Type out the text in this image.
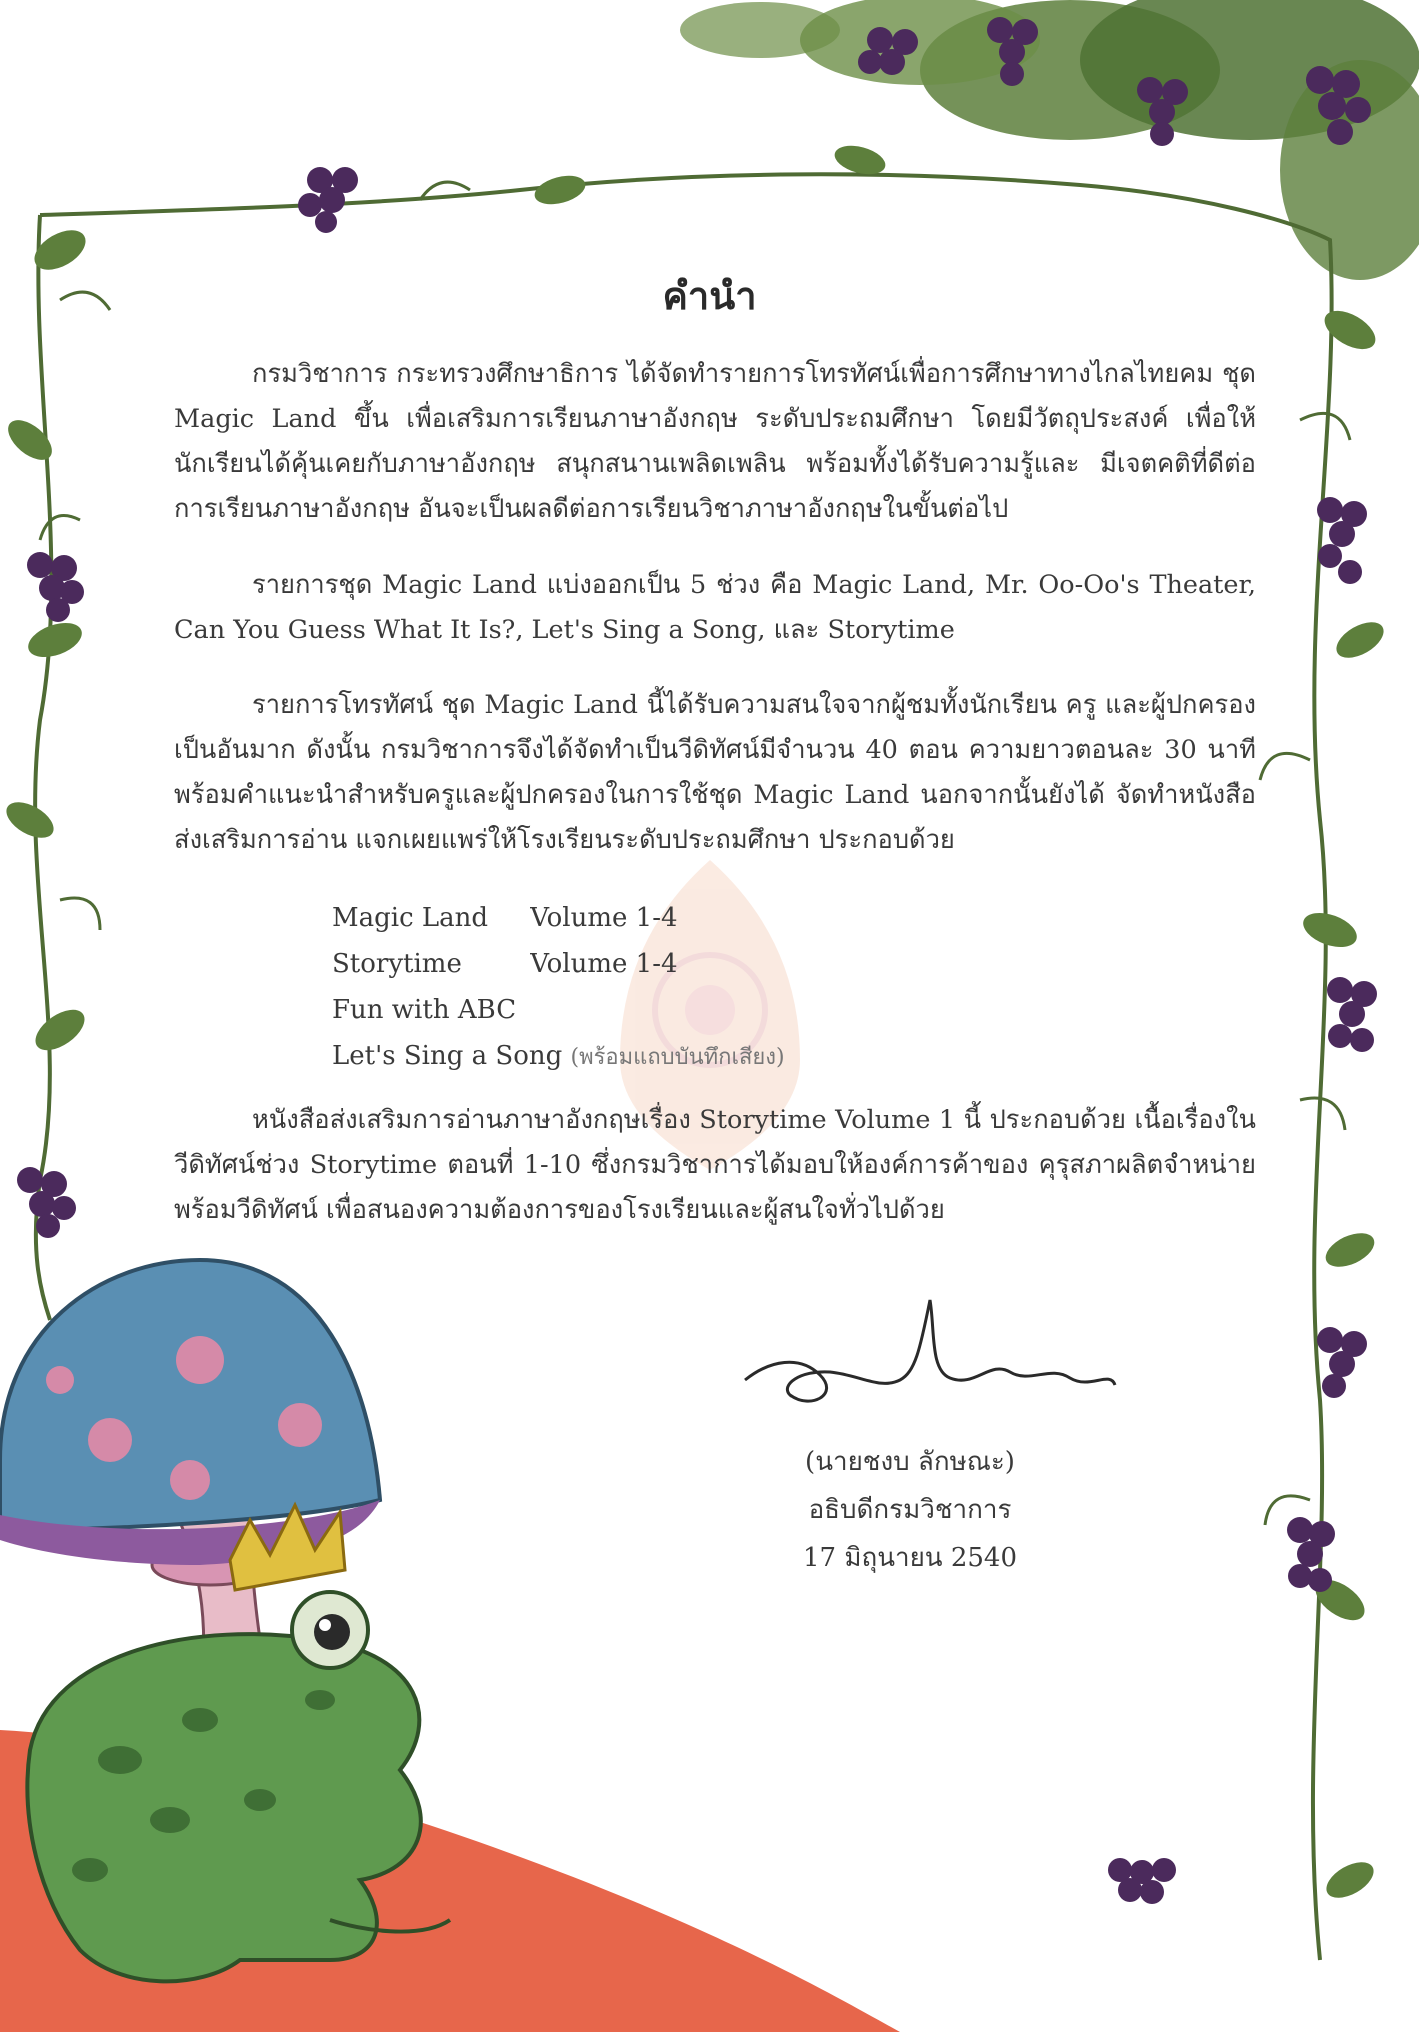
คำนำ

กรมวิชาการ กระทรวงศึกษาธิการ ได้จัดทำรายการโทรทัศน์เพื่อการศึกษาทางไกลไทยคม ชุด Magic Land ขึ้น เพื่อเสริมการเรียนภาษาอังกฤษ ระดับประถมศึกษา โดยมีวัตถุประสงค์ เพื่อให้นักเรียนได้คุ้นเคยกับภาษาอังกฤษ สนุกสนานเพลิดเพลิน พร้อมทั้งได้รับความรู้และ มีเจตคติที่ดีต่อการเรียนภาษาอังกฤษ อันจะเป็นผลดีต่อการเรียนวิชาภาษาอังกฤษในขั้นต่อไป

รายการชุด Magic Land แบ่งออกเป็น 5 ช่วง คือ Magic Land, Mr. Oo-Oo's Theater, Can You Guess What It Is?, Let's Sing a Song, และ Storytime

รายการโทรทัศน์ ชุด Magic Land นี้ได้รับความสนใจจากผู้ชมทั้งนักเรียน ครู และผู้ปกครอง เป็นอันมาก ดังนั้น กรมวิชาการจึงได้จัดทำเป็นวีดิทัศน์มีจำนวน 40 ตอน ความยาวตอนละ 30 นาที พร้อมคำแนะนำสำหรับครูและผู้ปกครองในการใช้ชุด Magic Land นอกจากนั้นยังได้ จัดทำหนังสือส่งเสริมการอ่าน แจกเผยแพร่ให้โรงเรียนระดับประถมศึกษา ประกอบด้วย

Magic Land Volume 1-4
Storytime	Volume 1-4
Fun with ABC
Let's Sing a Song (พร้อมแถบบันทึกเสียง)

หนังสือส่งเสริมการอ่านภาษาอังกฤษเรื่อง Storytime Volume 1 นี้ ประกอบด้วย เนื้อเรื่องในวีดิทัศน์ช่วง Storytime ตอนที่ 1-10 ซึ่งกรมวิชาการได้มอบให้องค์การค้าของ คุรุสภาผลิตจำหน่ายพร้อมวีดิทัศน์ เพื่อสนองความต้องการของโรงเรียนและผู้สนใจทั่วไปด้วย

(นายชงบ ลักษณะ)
อธิบดีกรมวิชาการ
17 มิถุนายน 2540
